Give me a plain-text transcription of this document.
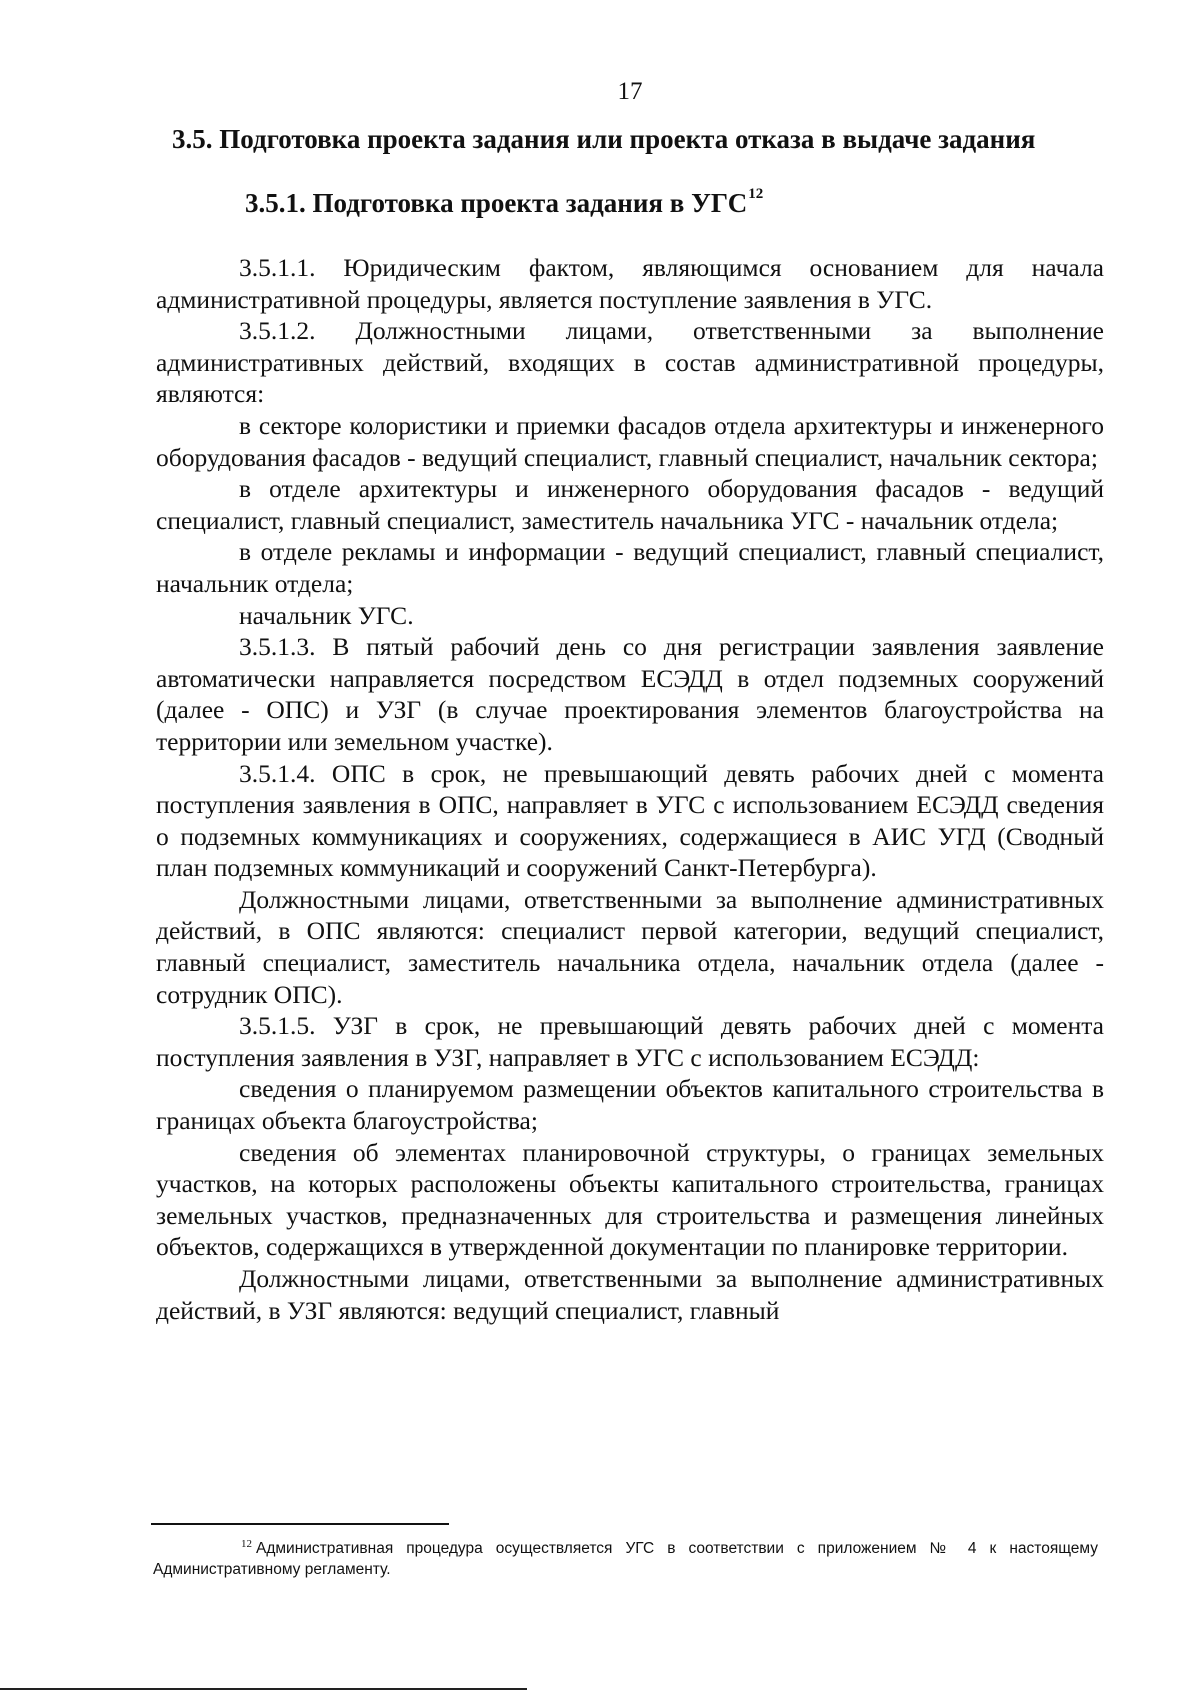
17
3.5. Подготовка проекта задания или проекта отказа в выдаче задания
3.5.1. Подготовка проекта задания в УГС$^{12}$

3.5.1.1. Юридическим фактом, являющимся основанием для начала административной процедуры, является поступление заявления в УГС.

3.5.1.2. Должностными лицами, ответственными за выполнение административных действий, входящих в состав административной процедуры, являются:

в секторе колористики и приемки фасадов отдела архитектуры и инженерного оборудования фасадов - ведущий специалист, главный специалист, начальник сектора;

в отделе архитектуры и инженерного оборудования фасадов - ведущий специалист, главный специалист, заместитель начальника УГС - начальник отдела;

в отделе рекламы и информации - ведущий специалист, главный специалист, начальник отдела;

начальник УГС.

3.5.1.3. В пятый рабочий день со дня регистрации заявления заявление автоматически направляется посредством ЕСЭДД в отдел подземных сооружений (далее - ОПС) и УЗГ (в случае проектирования элементов благоустройства на территории или земельном участке).

3.5.1.4. ОПС в срок, не превышающий девять рабочих дней с момента поступления заявления в ОПС, направляет в УГС с использованием ЕСЭДД сведения о подземных коммуникациях и сооружениях, содержащиеся в АИС УГД (Сводный план подземных коммуникаций и сооружений Санкт-Петербурга).

Должностными лицами, ответственными за выполнение административных действий, в ОПС являются: специалист первой категории, ведущий специалист, главный специалист, заместитель начальника отдела, начальник отдела (далее - сотрудник ОПС).

3.5.1.5. УЗГ в срок, не превышающий девять рабочих дней с момента поступления заявления в УЗГ, направляет в УГС с использованием ЕСЭДД:

сведения о планируемом размещении объектов капитального строительства в границах объекта благоустройства;

сведения об элементах планировочной структуры, о границах земельных участков, на которых расположены объекты капитального строительства, границах земельных участков, предназначенных для строительства и размещения линейных объектов, содержащихся в утвержденной документации по планировке территории.

Должностными лицами, ответственными за выполнение административных действий, в УЗГ являются: ведущий специалист, главный

$^{12}$ Административная процедура осуществляется УГС в соответствии с приложением № 4 к настоящему Административному регламенту.
